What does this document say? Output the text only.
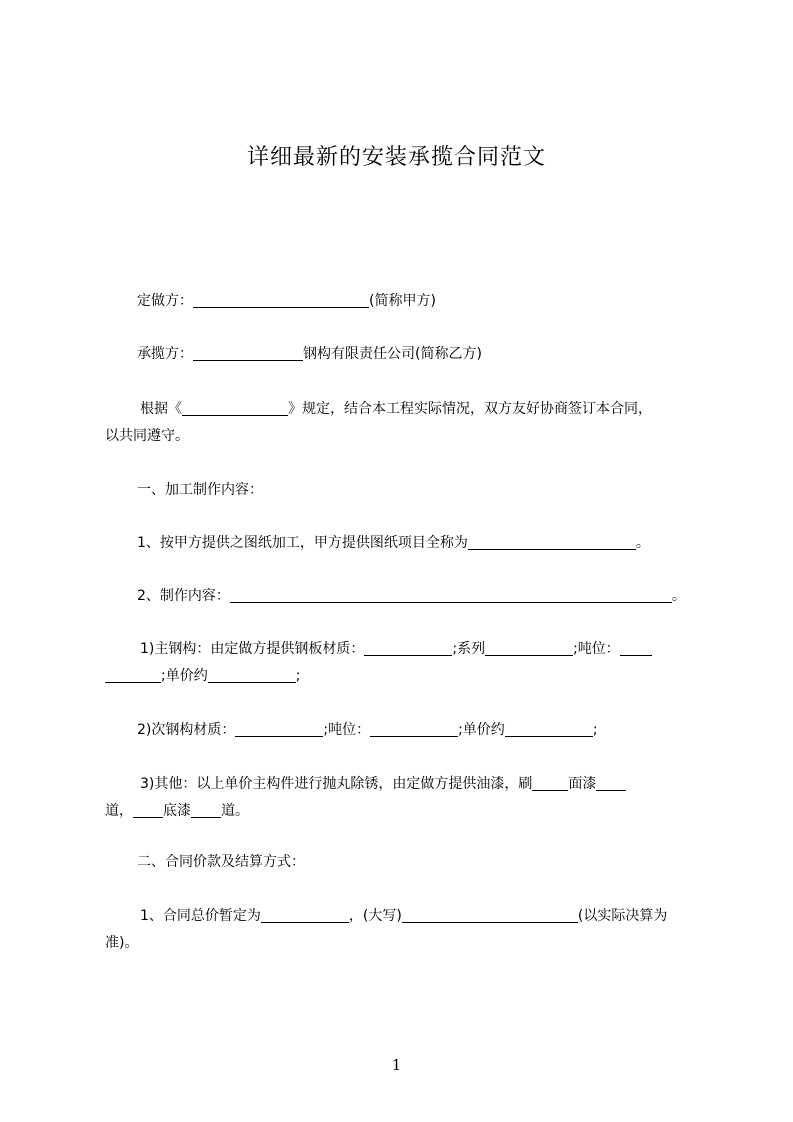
详细最新的安装承揽合同范文
定做方：	(简称甲方)
承揽方：	钢构有限责任公司(简称乙方)
根据《	》规定，结合本工程实际情况，双方友好协商签订本合同，
以共同遵守。
一、加工制作内容：
1、按甲方提供之图纸加工，甲方提供图纸项目全称为	。
2、制作内容：	。
1)主钢构：由定做方提供钢板材质：	;系列	;吨位：
;单价约	;
2)次钢构材质：	;吨位：	;单价约	;
3)其他：以上单价主构件进行抛丸除锈，由定做方提供油漆，刷	面漆
道， 底漆 道。
二、合同价款及结算方式：
1、合同总价暂定为	，(大写)	(以实际决算为
准)。
1
